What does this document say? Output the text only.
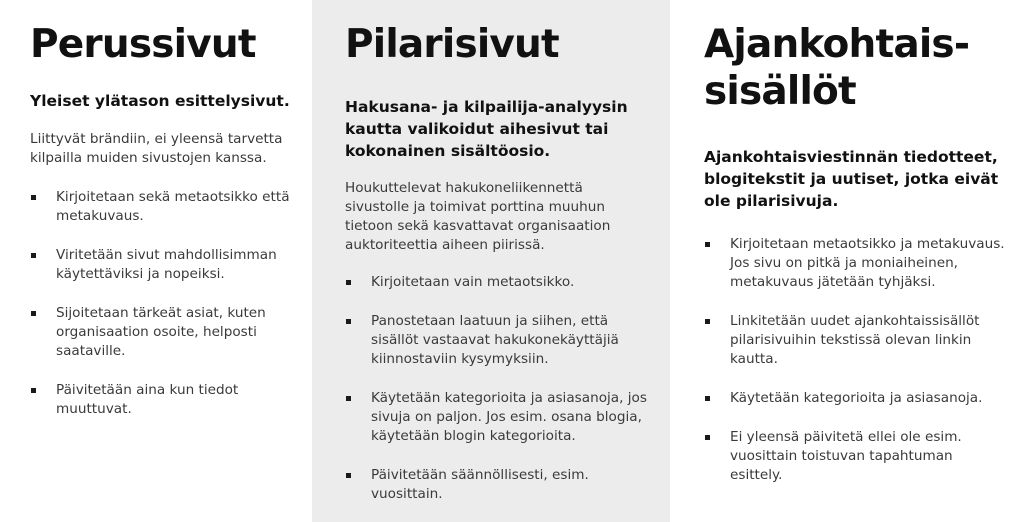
Perussivut

Yleiset ylätason esittelysivut.

Liittyvät brändiin, ei yleensä tarvetta kilpailla muiden sivustojen kanssa.

Kirjoitetaan sekä metaotsikko että metakuvaus.
Viritetään sivut mahdollisimman käytettäviksi ja nopeiksi.
Sijoitetaan tärkeät asiat, kuten organisaation osoite, helposti saataville.
Päivitetään aina kun tiedot muuttuvat.
Pilarisivut

Hakusana- ja kilpailija-analyysin kautta valikoidut aihesivut tai kokonainen sisältöosio.

Houkuttelevat hakukoneliikennettä sivustolle ja toimivat porttina muuhun tietoon sekä kasvattavat organisaation auktoriteettia aiheen piirissä.

Kirjoitetaan vain metaotsikko.
Panostetaan laatuun ja siihen, että sisällöt vastaavat hakukonekäyttäjiä kiinnostaviin kysymyksiin.
Käytetään kategorioita ja asiasanoja, jos sivuja on paljon. Jos esim. osana blogia, käytetään blogin kategorioita.
Päivitetään säännöllisesti, esim. vuosittain.
Ajankohtais-
sisällöt

Ajankohtaisviestinnän tiedotteet, blogitekstit ja uutiset, jotka eivät ole pilarisivuja.

Kirjoitetaan metaotsikko ja metakuvaus. Jos sivu on pitkä ja moniaiheinen, metakuvaus jätetään tyhjäksi.
Linkitetään uudet ajankohtaissisällöt pilarisivuihin tekstissä olevan linkin kautta.
Käytetään kategorioita ja asiasanoja.
Ei yleensä päivitetä ellei ole esim. vuosittain toistuvan tapahtuman esittely.
